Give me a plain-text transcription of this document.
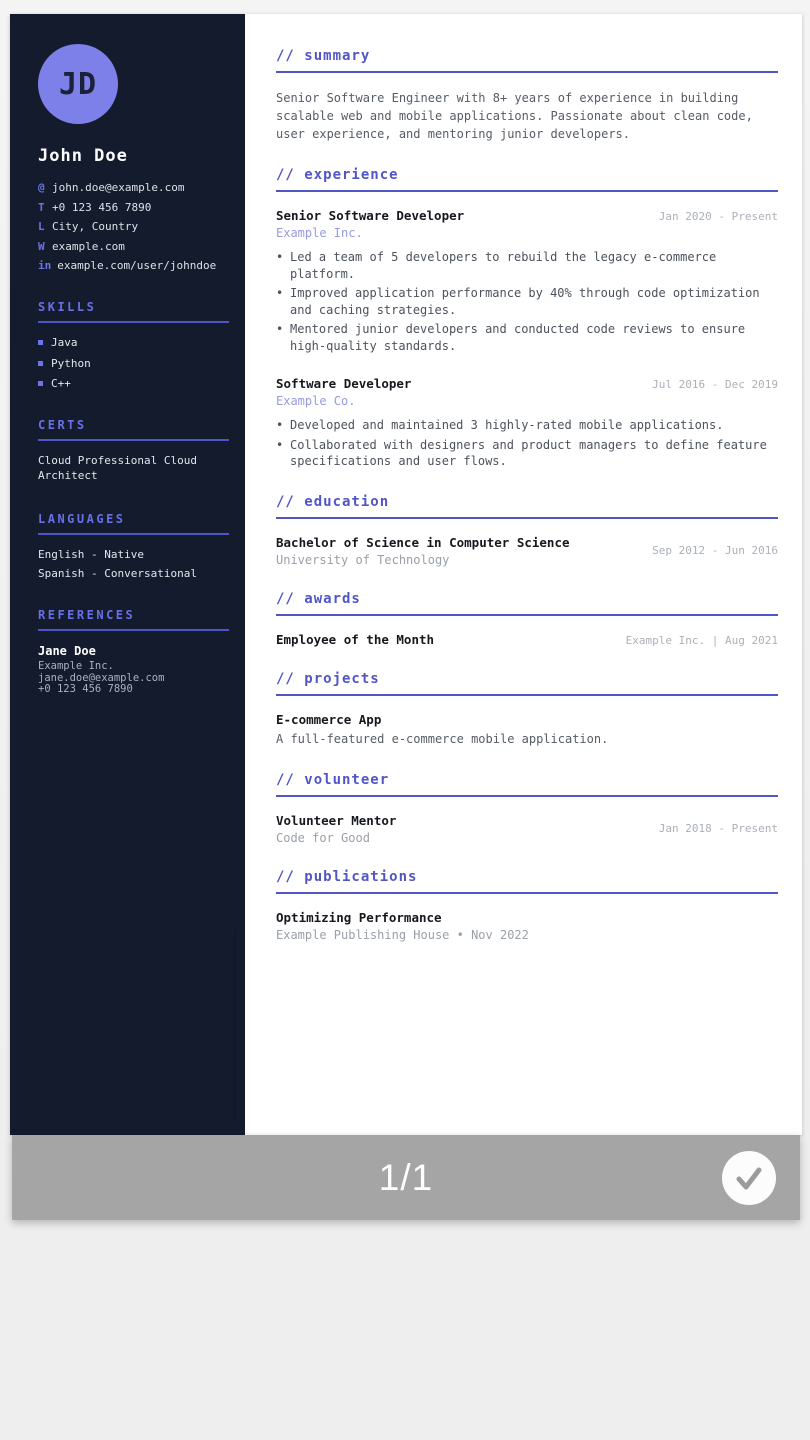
JD
John Doe
@ john.doe@example.com
T +0 123 456 7890
L City, Country
W example.com
in example.com/user/johndoe
SKILLS
Java
Python
C++
CERTS
Cloud Professional Cloud Architect
LANGUAGES
English - Native
Spanish - Conversational
REFERENCES
Jane Doe
Example Inc.
jane.doe@example.com
+0 123 456 7890
// summary
Senior Software Engineer with 8+ years of experience in building scalable web and mobile applications. Passionate about clean code, user experience, and mentoring junior developers.
// experience
Senior Software Developer	Jan 2020 - Present
Example Inc.
• Led a team of 5 developers to rebuild the legacy e-commerce platform.
• Improved application performance by 40% through code optimization and caching strategies.
• Mentored junior developers and conducted code reviews to ensure high-quality standards.
Software Developer	Jul 2016 - Dec 2019
Example Co.
• Developed and maintained 3 highly-rated mobile applications.
• Collaborated with designers and product managers to define feature specifications and user flows.
// education
Bachelor of Science in Computer Science
University of Technology
Sep 2012 - Jun 2016
// awards
Employee of the Month	Example Inc. | Aug 2021
// projects
E-commerce App
A full-featured e-commerce mobile application.
// volunteer
Volunteer Mentor
Code for Good
Jan 2018 - Present
// publications
Optimizing Performance
Example Publishing House • Nov 2022
1/1
